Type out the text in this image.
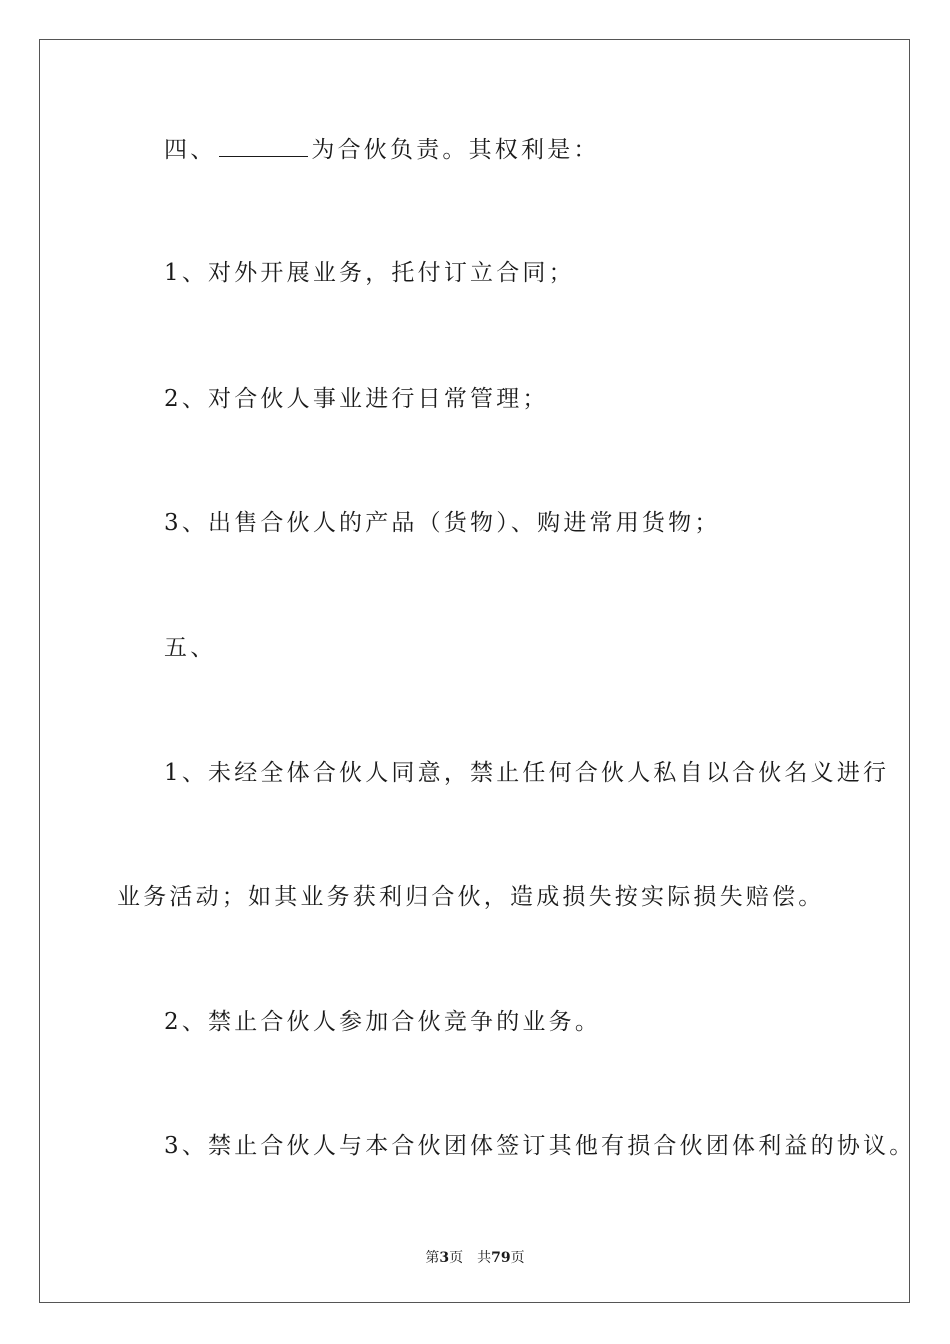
四、	为合伙负责。其权利是：
1、对外开展业务，托付订立合同；
2、对合伙人事业进行日常管理；
3、出售合伙人的产品（货物）、购进常用货物；
五、
1、未经全体合伙人同意，禁止任何合伙人私自以合伙名义进行
业务活动；如其业务获利归合伙，造成损失按实际损失赔偿。
2、禁止合伙人参加合伙竞争的业务。
3、禁止合伙人与本合伙团体签订其他有损合伙团体利益的协议。
第3页 共79页
